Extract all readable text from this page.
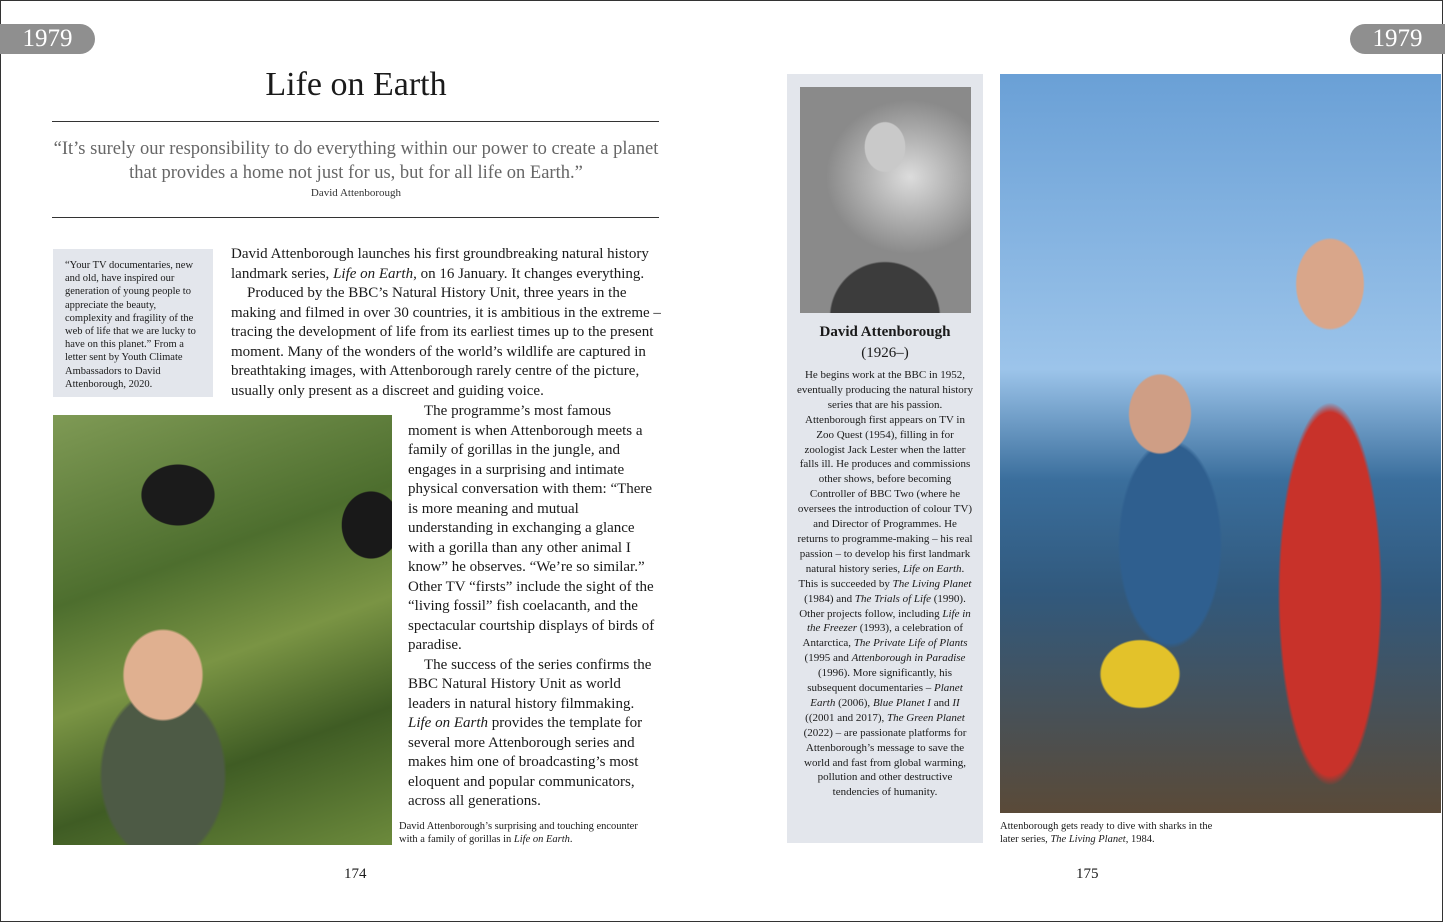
1979	1979
Life on Earth
“It’s surely our responsibility to do everything within our power to create a planet that provides a home not just for us, but for all life on Earth.”
David Attenborough
“Your TV documentaries, new and old, have inspired our generation of young people to appreciate the beauty, complexity and fragility of the web of life that we are lucky to have on this planet.” From a letter sent by Youth Climate Ambassadors to David Attenborough, 2020.

David Attenborough launches his first groundbreaking natural history landmark series, Life on Earth, on 16 January. It changes everything.

Produced by the BBC’s Natural History Unit, three years in the making and filmed in over 30 countries, it is ambitious in the extreme – tracing the development of life from its earliest times up to the present moment. Many of the wonders of the world’s wildlife are captured in breathtaking images, with Attenborough rarely centre of the picture, usually only present as a discreet and guiding voice.

The programme’s most famous moment is when Attenborough meets a family of gorillas in the jungle, and engages in a surprising and intimate physical conversation with them: “There is more meaning and mutual understanding in exchanging a glance with a gorilla than any other animal I know” he observes. “We’re so similar.” Other TV “firsts” include the sight of the “living fossil” fish coelacanth, and the spectacular courtship displays of birds of paradise.

The success of the series confirms the BBC Natural History Unit as world leaders in natural history filmmaking.

Life on Earth provides the template for several more Attenborough series and makes him one of broadcasting’s most eloquent and popular communicators, across all generations.

David Attenborough’s surprising and touching encounter with a family of gorillas in Life on Earth.
174	175
David Attenborough
(1926–)
He begins work at the BBC in 1952, eventually producing the natural history series that are his passion. Attenborough first appears on TV in Zoo Quest (1954), filling in for zoologist Jack Lester when the latter falls ill. He produces and commissions other shows, before becoming Controller of BBC Two (where he oversees the introduction of colour TV) and Director of Programmes. He returns to programme-making – his real passion – to develop his first landmark natural history series, Life on Earth. This is succeeded by The Living Planet (1984) and The Trials of Life (1990). Other projects follow, including Life in the Freezer (1993), a celebration of Antarctica, The Private Life of Plants (1995 and Attenborough in Paradise (1996). More significantly, his subsequent documentaries – Planet Earth (2006), Blue Planet I and II ((2001 and 2017), The Green Planet (2022) – are passionate platforms for Attenborough’s message to save the world and fast from global warming, pollution and other destructive tendencies of humanity.
Attenborough gets ready to dive with sharks in the later series, The Living Planet, 1984.
